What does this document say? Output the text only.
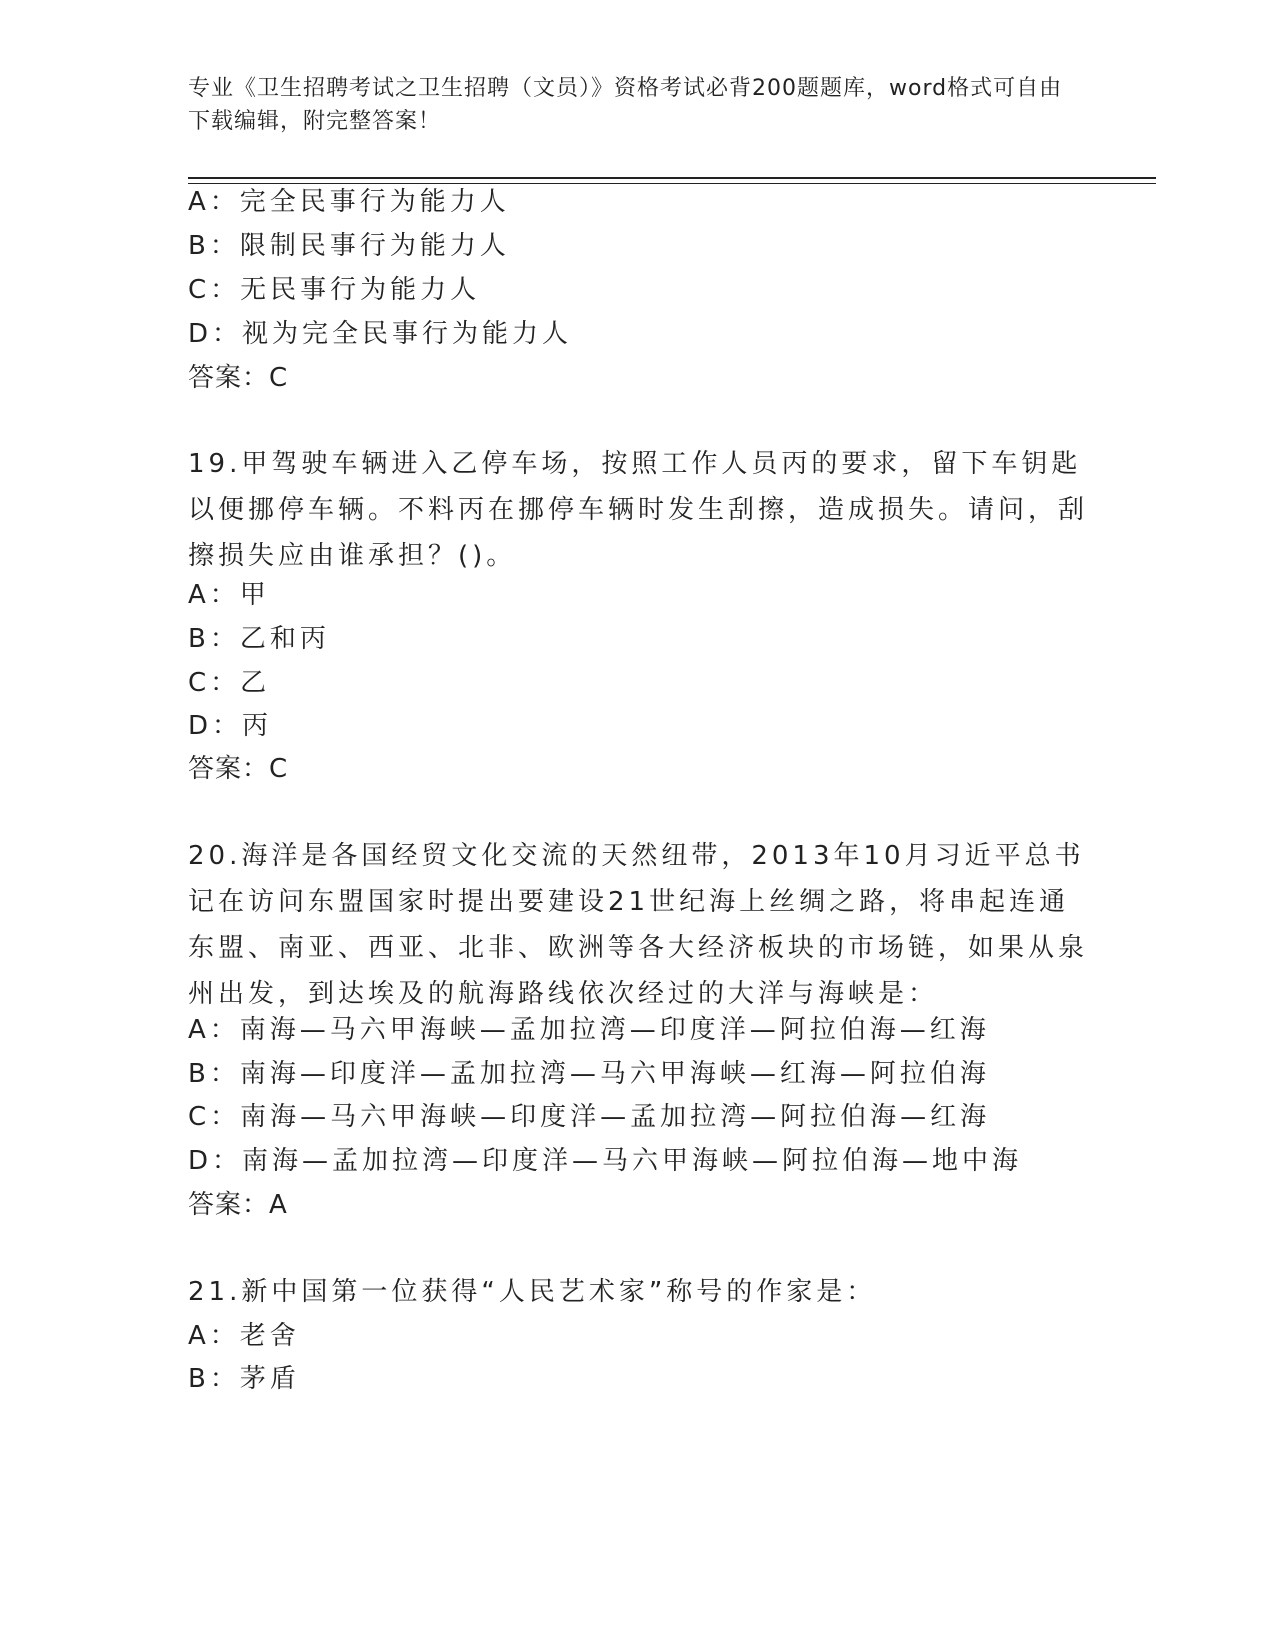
专业《卫生招聘考试之卫生招聘（文员）》资格考试必背200题题库，word格式可自由下载编辑，附完整答案！
A：完全民事行为能力人
B：限制民事行为能力人
C：无民事行为能力人
D：视为完全民事行为能力人
答案：C
19.甲驾驶车辆进入乙停车场，按照工作人员丙的要求，留下车钥匙以便挪停车辆。不料丙在挪停车辆时发生刮擦，造成损失。请问，刮擦损失应由谁承担？()。
A：甲
B：乙和丙
C：乙
D：丙
答案：C
20.海洋是各国经贸文化交流的天然纽带，2013年10月习近平总书记在访问东盟国家时提出要建设21世纪海上丝绸之路，将串起连通东盟、南亚、西亚、北非、欧洲等各大经济板块的市场链，如果从泉州出发，到达埃及的航海路线依次经过的大洋与海峡是：
A：南海—马六甲海峡—孟加拉湾—印度洋—阿拉伯海—红海
B：南海—印度洋—孟加拉湾—马六甲海峡—红海—阿拉伯海
C：南海—马六甲海峡—印度洋—孟加拉湾—阿拉伯海—红海
D：南海—孟加拉湾—印度洋—马六甲海峡—阿拉伯海—地中海
答案：A
21.新中国第一位获得“人民艺术家”称号的作家是：
A：老舍
B：茅盾
